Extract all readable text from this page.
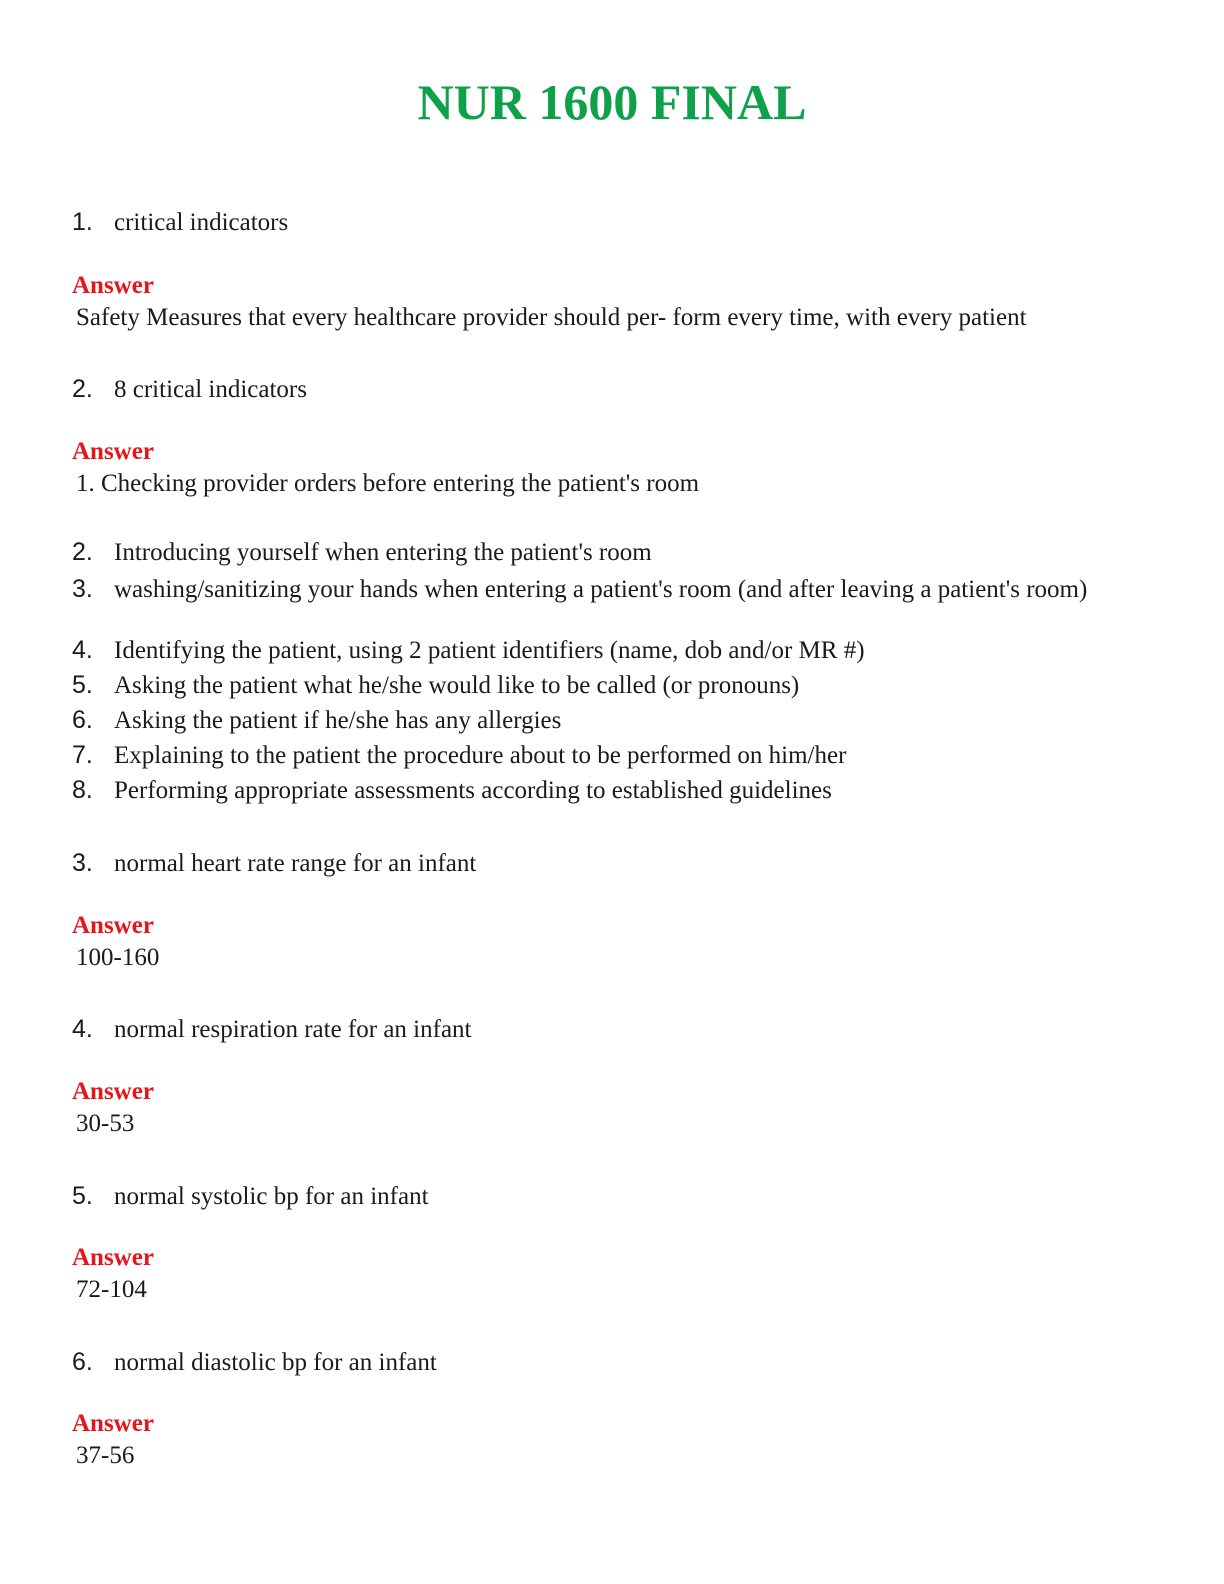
NUR 1600 FINAL
1. critical indicators
Answer
Safety Measures that every healthcare provider should per- form every time, with every patient
2. 8 critical indicators
Answer
1. Checking provider orders before entering the patient's room
2. Introducing yourself when entering the patient's room
3. washing/sanitizing your hands when entering a patient's room (and after leaving a patient's room)
4. Identifying the patient, using 2 patient identifiers (name, dob and/or MR #)
5. Asking the patient what he/she would like to be called (or pronouns)
6. Asking the patient if he/she has any allergies
7. Explaining to the patient the procedure about to be performed on him/her
8. Performing appropriate assessments according to established guidelines
3. normal heart rate range for an infant
Answer
100-160
4. normal respiration rate for an infant
Answer
30-53
5. normal systolic bp for an infant
Answer
72-104
6. normal diastolic bp for an infant
Answer
37-56
